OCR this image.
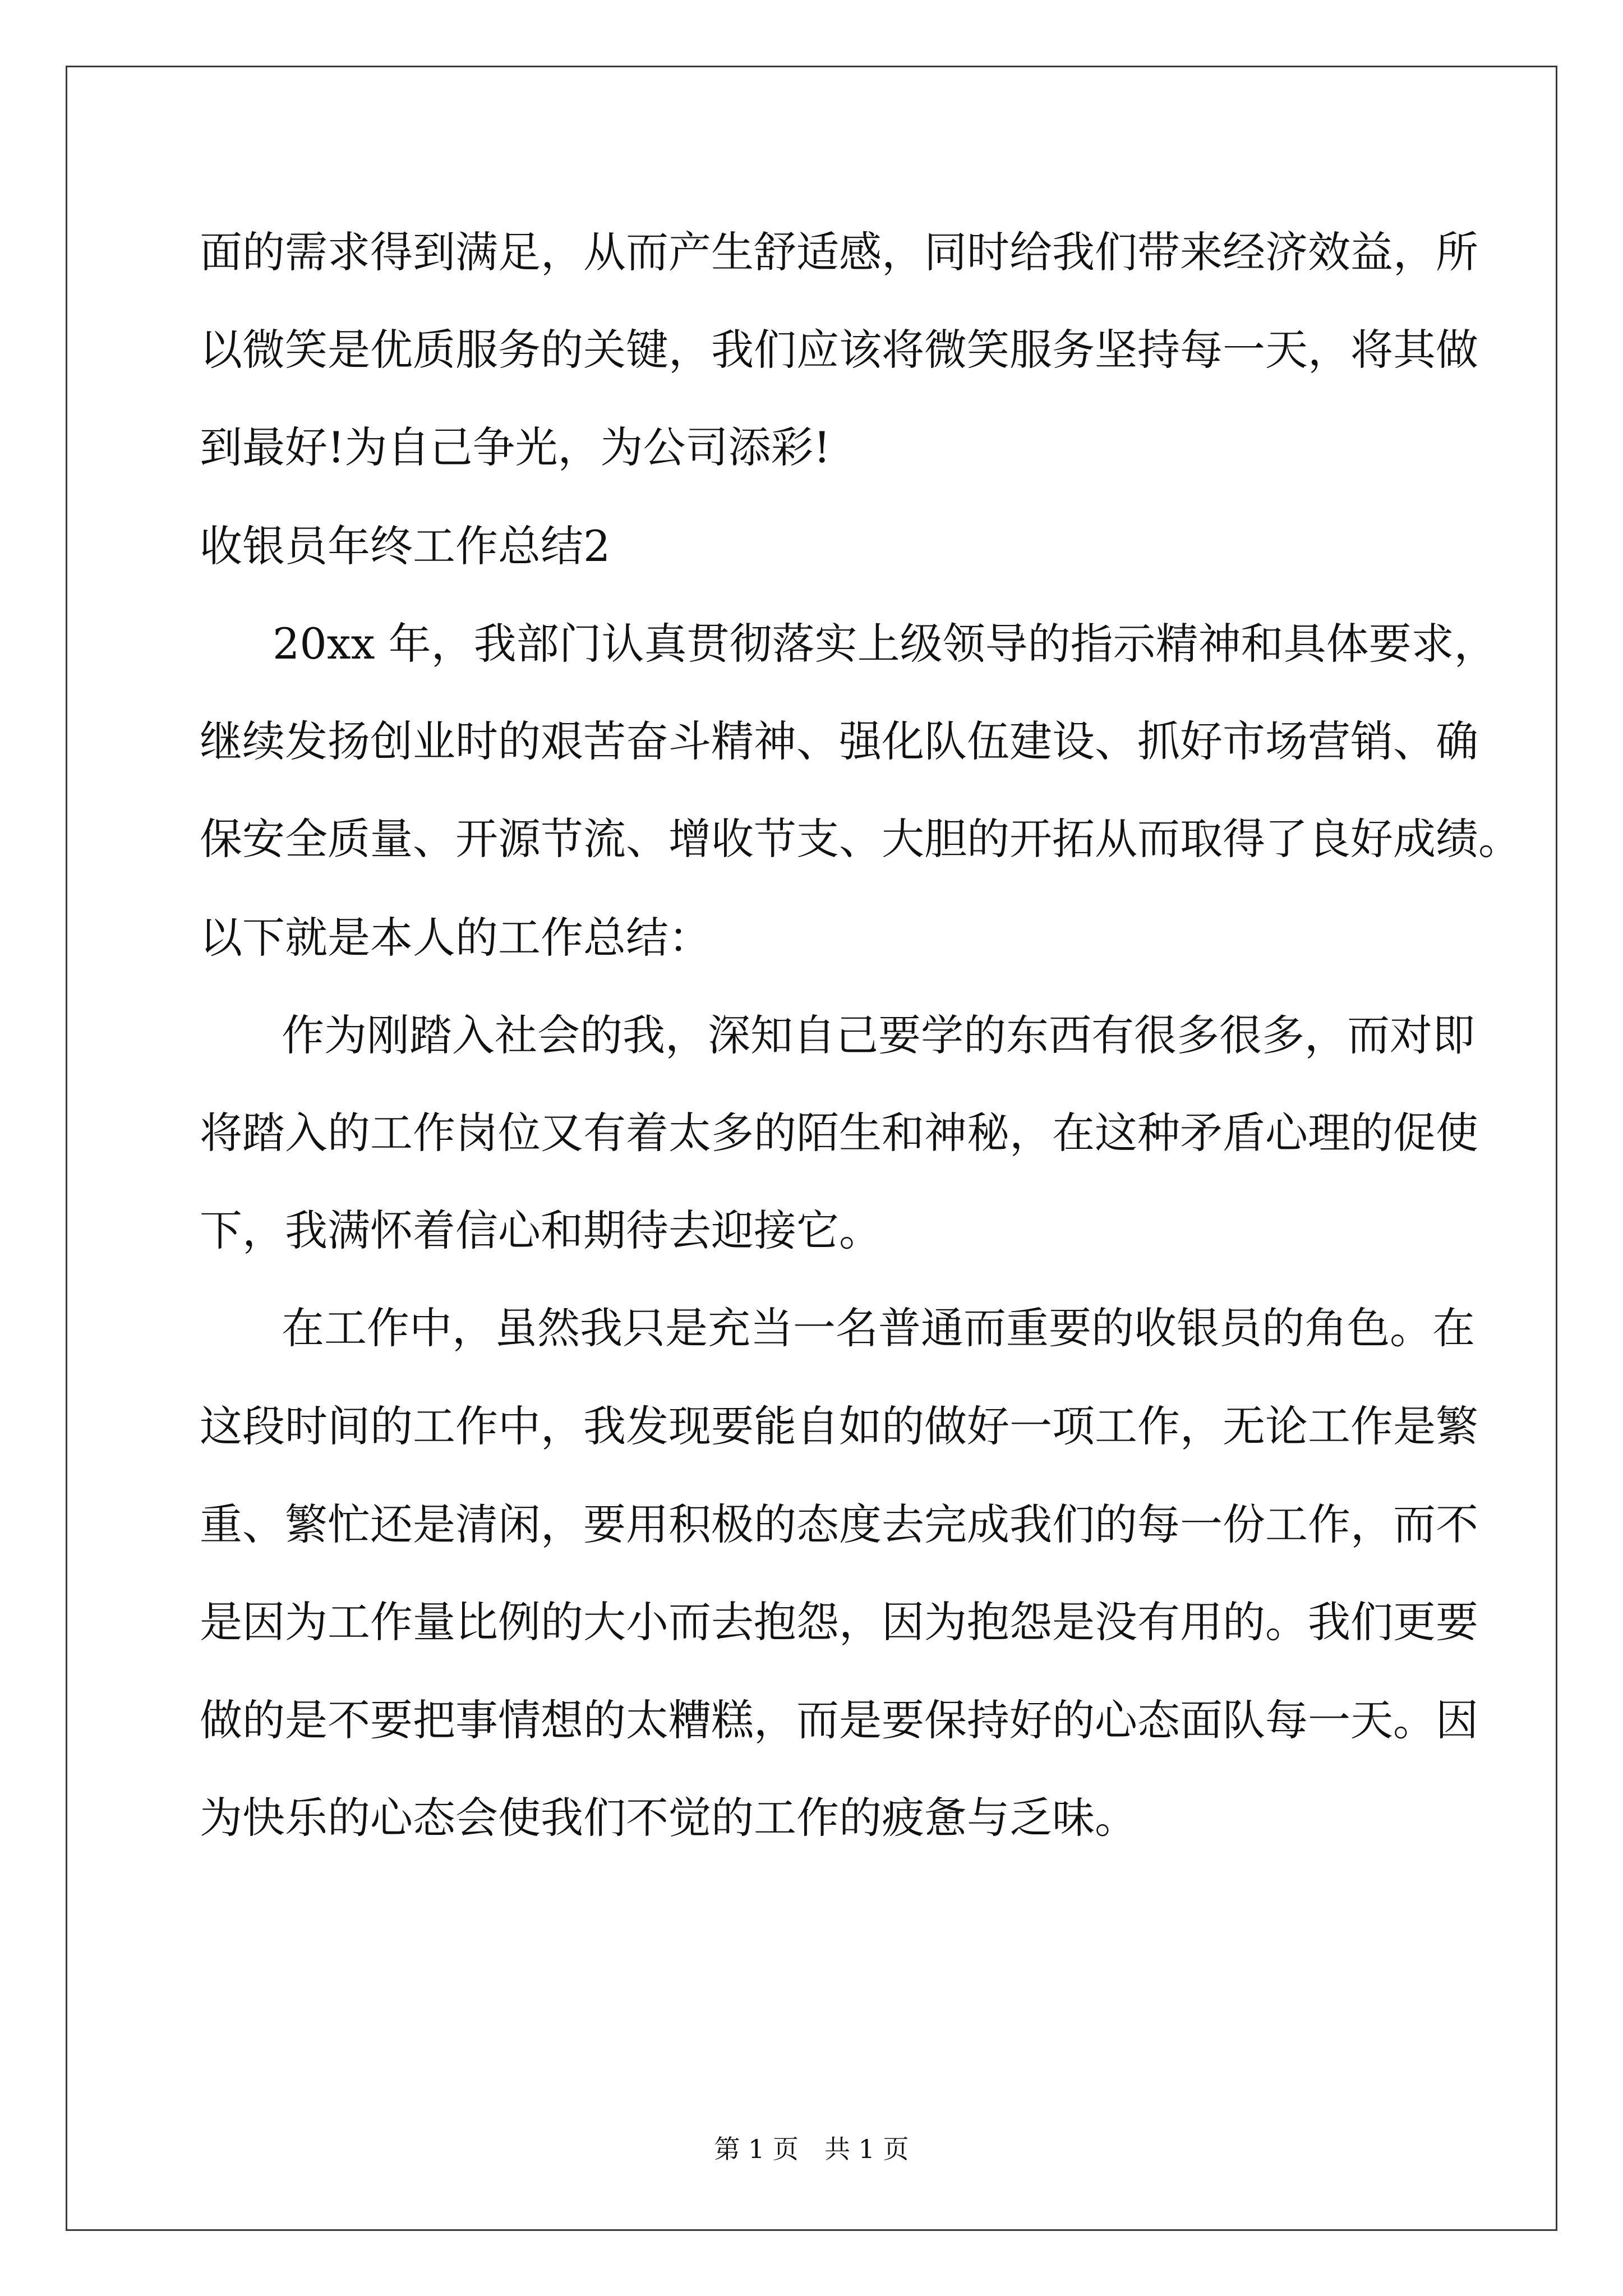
面的需求得到满足，从而产生舒适感，同时给我们带来经济效益，所
以微笑是优质服务的关键，我们应该将微笑服务坚持每一天，将其做
到最好!为自己争光，为公司添彩!
收银员年终工作总结2
20xx 年，我部门认真贯彻落实上级领导的指示精神和具体要求，
继续发扬创业时的艰苦奋斗精神、强化队伍建设、抓好市场营销、确
保安全质量、开源节流、增收节支、大胆的开拓从而取得了良好成绩。
以下就是本人的工作总结：
作为刚踏入社会的我，深知自己要学的东西有很多很多，而对即
将踏入的工作岗位又有着太多的陌生和神秘，在这种矛盾心理的促使
下，我满怀着信心和期待去迎接它。
在工作中，虽然我只是充当一名普通而重要的收银员的角色。在
这段时间的工作中，我发现要能自如的做好一项工作，无论工作是繁
重、繁忙还是清闲，要用积极的态度去完成我们的每一份工作，而不
是因为工作量比例的大小而去抱怨，因为抱怨是没有用的。我们更要
做的是不要把事情想的太糟糕，而是要保持好的心态面队每一天。因
为快乐的心态会使我们不觉的工作的疲惫与乏味。
第 1 页　共 1 页
